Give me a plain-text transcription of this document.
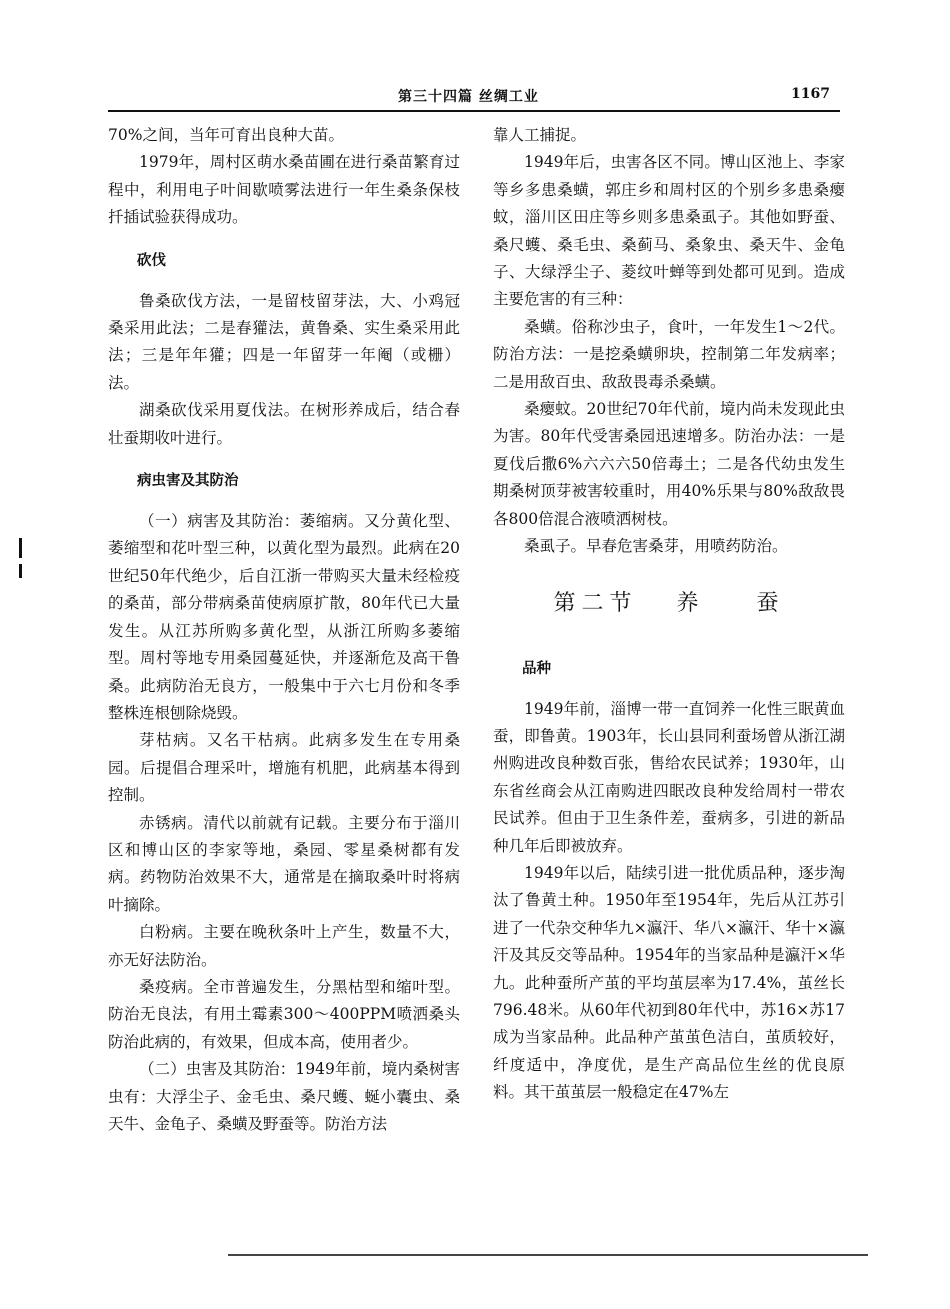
第三十四篇 丝绸工业	1167

70%之间，当年可育出良种大苗。

1979年，周村区萌水桑苗圃在进行桑苗繁育过程中，利用电子叶间歇喷雾法进行一年生桑条保枝扦插试验获得成功。

砍伐

鲁桑砍伐方法，一是留枝留芽法，大、小鸡冠桑采用此法；二是春獾法，黄鲁桑、实生桑采用此法；三是年年獾；四是一年留芽一年阉（或栅）法。

湖桑砍伐采用夏伐法。在树形养成后，结合春壮蚕期收叶进行。

病虫害及其防治

（一）病害及其防治：萎缩病。又分黄化型、萎缩型和花叶型三种，以黄化型为最烈。此病在20世纪50年代绝少，后自江浙一带购买大量未经检疫的桑苗，部分带病桑苗使病原扩散，80年代已大量发生。从江苏所购多黄化型，从浙江所购多萎缩型。周村等地专用桑园蔓延快，并逐渐危及高干鲁桑。此病防治无良方，一般集中于六七月份和冬季整株连根刨除烧毁。

芽枯病。又名干枯病。此病多发生在专用桑园。后提倡合理采叶，增施有机肥，此病基本得到控制。

赤锈病。清代以前就有记载。主要分布于淄川区和博山区的李家等地，桑园、零星桑树都有发病。药物防治效果不大，通常是在摘取桑叶时将病叶摘除。

白粉病。主要在晚秋条叶上产生，数量不大，亦无好法防治。

桑疫病。全市普遍发生，分黑枯型和缩叶型。防治无良法，有用土霉素300～400PPM喷洒桑头防治此病的，有效果，但成本高，使用者少。

（二）虫害及其防治：1949年前，境内桑树害虫有：大浮尘子、金毛虫、桑尺蠖、蜒小囊虫、桑天牛、金龟子、桑蟥及野蚕等。防治方法

靠人工捕捉。

1949年后，虫害各区不同。博山区池上、李家等乡多患桑蟥，郭庄乡和周村区的个别乡多患桑瘿蚊，淄川区田庄等乡则多患桑虱子。其他如野蚕、桑尺蠖、桑毛虫、桑蓟马、桑象虫、桑天牛、金龟子、大绿浮尘子、菱纹叶蝉等到处都可见到。造成主要危害的有三种：

桑蟥。俗称沙虫子，食叶，一年发生1～2代。防治方法：一是挖桑蟥卵块，控制第二年发病率；二是用敌百虫、敌敌畏毒杀桑蟥。

桑瘿蚊。20世纪70年代前，境内尚未发现此虫为害。80年代受害桑园迅速增多。防治办法：一是夏伐后撒6%六六六50倍毒土；二是各代幼虫发生期桑树顶芽被害较重时，用40%乐果与80%敌敌畏各800倍混合液喷洒树枝。

桑虱子。早春危害桑芽，用喷药防治。

第二节   养    蚕
品种

1949年前，淄博一带一直饲养一化性三眠黄血蚕，即鲁黄。1903年，长山县同利蚕场曾从浙江湖州购进改良种数百张，售给农民试养；1930年，山东省丝商会从江南购进四眠改良种发给周村一带农民试养。但由于卫生条件差，蚕病多，引进的新品种几年后即被放弃。

1949年以后，陆续引进一批优质品种，逐步淘汰了鲁黄土种。1950年至1954年，先后从江苏引进了一代杂交种华九×瀛汗、华八×瀛汗、华十×瀛汗及其反交等品种。1954年的当家品种是瀛汗×华九。此种蚕所产茧的平均茧层率为17.4%，茧丝长796.48米。从60年代初到80年代中，苏16×苏17成为当家品种。此品种产茧茧色洁白，茧质较好，纤度适中，净度优，是生产高品位生丝的优良原料。其干茧茧层一般稳定在47%左
